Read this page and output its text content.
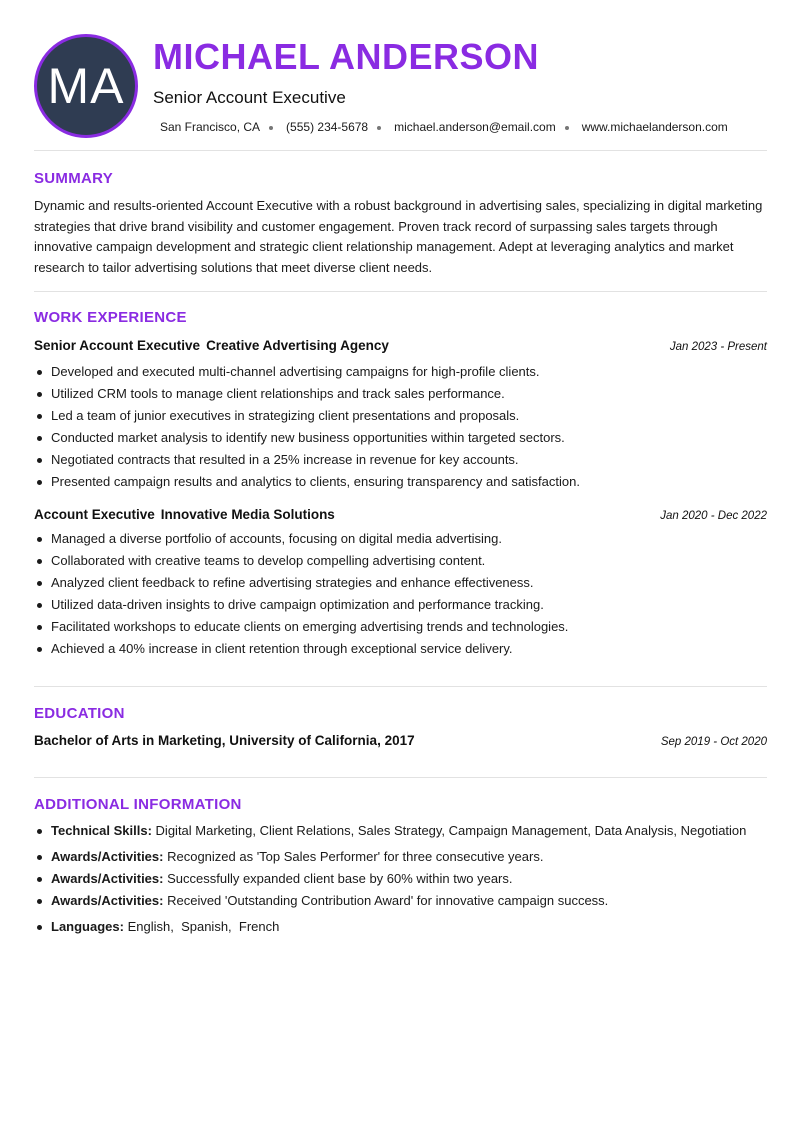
MA
MICHAEL ANDERSON
Senior Account Executive
San Francisco, CA (555) 234-5678 michael.anderson@email.com www.michaelanderson.com
SUMMARY
Dynamic and results-oriented Account Executive with a robust background in advertising sales, specializing in digital marketing strategies that drive brand visibility and customer engagement. Proven track record of surpassing sales targets through innovative campaign development and strategic client relationship management. Adept at leveraging analytics and market research to tailor advertising solutions that meet diverse client needs.
WORK EXPERIENCE
Senior Account Executive Creative Advertising Agency	Jan 2023 - Present
Developed and executed multi-channel advertising campaigns for high-profile clients.
Utilized CRM tools to manage client relationships and track sales performance.
Led a team of junior executives in strategizing client presentations and proposals.
Conducted market analysis to identify new business opportunities within targeted sectors.
Negotiated contracts that resulted in a 25% increase in revenue for key accounts.
Presented campaign results and analytics to clients, ensuring transparency and satisfaction.
Account Executive Innovative Media Solutions	Jan 2020 - Dec 2022
Managed a diverse portfolio of accounts, focusing on digital media advertising.
Collaborated with creative teams to develop compelling advertising content.
Analyzed client feedback to refine advertising strategies and enhance effectiveness.
Utilized data-driven insights to drive campaign optimization and performance tracking.
Facilitated workshops to educate clients on emerging advertising trends and technologies.
Achieved a 40% increase in client retention through exceptional service delivery.
EDUCATION
Bachelor of Arts in Marketing, University of California, 2017	Sep 2019 - Oct 2020
ADDITIONAL INFORMATION
Technical Skills: Digital Marketing, Client Relations, Sales Strategy, Campaign Management, Data Analysis, Negotiation
Awards/Activities: Recognized as 'Top Sales Performer' for three consecutive years.
Awards/Activities: Successfully expanded client base by 60% within two years.
Awards/Activities: Received 'Outstanding Contribution Award' for innovative campaign success.
Languages: English,  Spanish,  French
